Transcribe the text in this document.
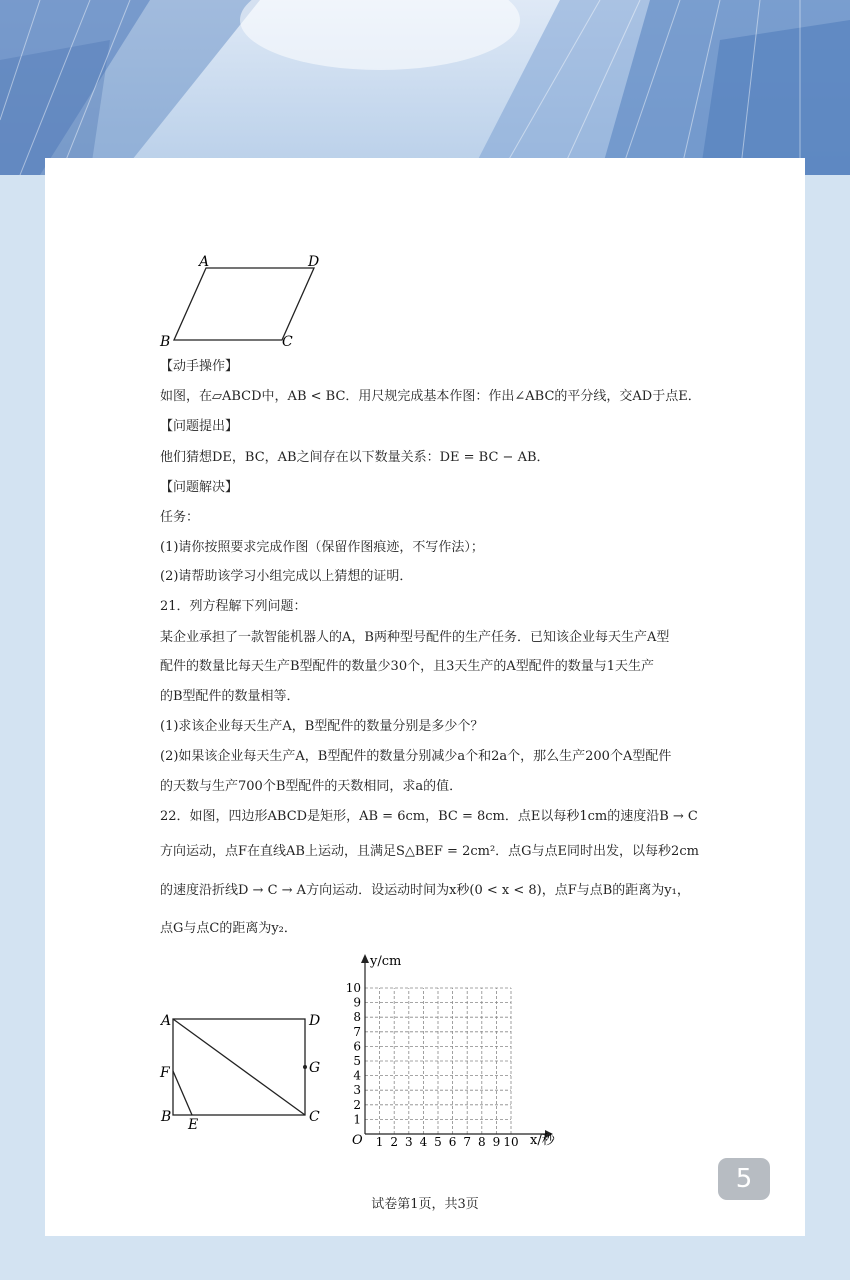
A	D
B	C
【动手操作】
如图，在▱ABCD中，AB < BC．用尺规完成基本作图：作出∠ABC的平分线，交AD于点E．
【问题提出】
他们猜想DE，BC，AB之间存在以下数量关系：DE = BC − AB．
【问题解决】
任务：
(1)请你按照要求完成作图（保留作图痕迹，不写作法）；
(2)请帮助该学习小组完成以上猜想的证明．
21．列方程解下列问题：
某企业承担了一款智能机器人的A，B两种型号配件的生产任务．已知该企业每天生产A型
配件的数量比每天生产B型配件的数量少30个，且3天生产的A型配件的数量与1天生产
的B型配件的数量相等．
(1)求该企业每天生产A，B型配件的数量分别是多少个？
(2)如果该企业每天生产A，B型配件的数量分别减少a个和2a个，那么生产200个A型配件
的天数与生产700个B型配件的天数相同，求a的值．
22．如图，四边形ABCD是矩形，AB = 6cm，BC = 8cm．点E以每秒1cm的速度沿B → C
方向运动，点F在直线AB上运动，且满足S△BEF = 2cm²．点G与点E同时出发，以每秒2cm
的速度沿折线D → C → A方向运动．设运动时间为x秒(0 < x < 8)，点F与点B的距离为y₁，
点G与点C的距离为y₂．
A	D
F	G
B E	C
y/cm
x/秒
O 1 2 3 4 5 6 7 8 9 10
1
2
3
4
5
6
7
8
9
10
5
试卷第1页，共3页
